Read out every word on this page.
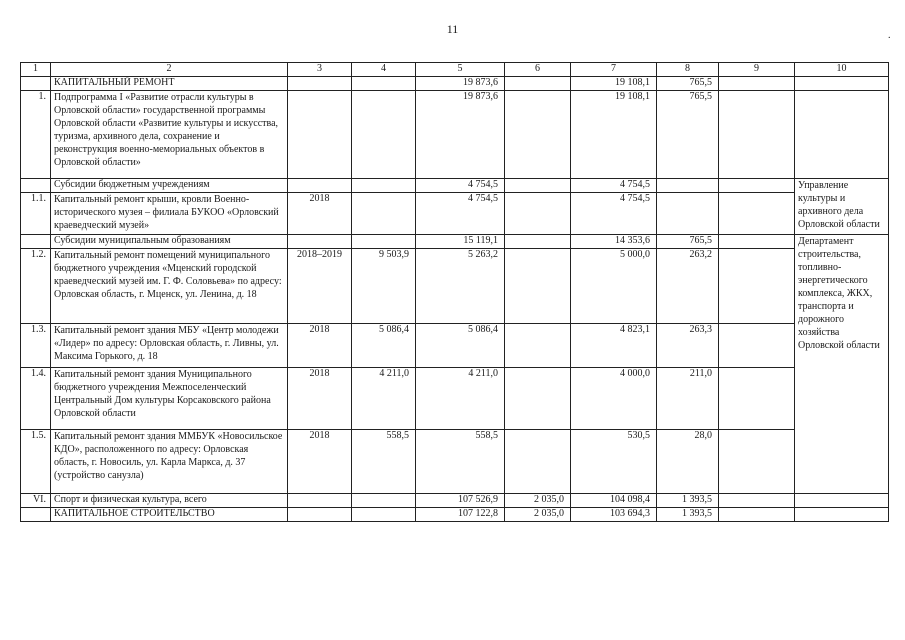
11	.
1	2	3	4	5	6	7	8	9	10
	КАПИТАЛЬНЫЙ РЕМОНТ			19 873,6		19 108,1	765,5		
1.	Подпрограмма I «Развитие отрасли культуры в Орловской области» государственной программы Орловской области «Развитие культуры и искусства, туризма, архивного дела, сохранение и реконструкция военно-мемориальных объектов в Орловской области»			19 873,6		19 108,1	765,5		
	Субсидии бюджетным учреждениям			4 754,5		4 754,5			Управление культуры и архивного дела Орловской области
1.1.	Капитальный ремонт крыши, кровли Военно-исторического музея – филиала БУКОО «Орловский краеведческий музей»	2018		4 754,5		4 754,5			
	Субсидии муниципальным образованиям			15 119,1		14 353,6	765,5		Департамент строительства, топливно-энергетического комплекса, ЖКХ, транспорта и дорожного хозяйства Орловской области
1.2.	Капитальный ремонт помещений муниципального бюджетного учреждения «Мценский городской краеведческий музей им. Г. Ф. Соловьева» по адресу: Орловская область, г. Мценск, ул. Ленина, д. 18	2018–2019	9 503,9	5 263,2		5 000,0	263,2		
1.3.	Капитальный ремонт здания МБУ «Центр молодежи «Лидер» по адресу: Орловская область, г. Ливны, ул. Максима Горького, д. 18	2018	5 086,4	5 086,4		4 823,1	263,3		
1.4.	Капитальный ремонт здания Муниципального бюджетного учреждения Межпоселенческий Центральный Дом культуры Корсаковского района Орловской области	2018	4 211,0	4 211,0		4 000,0	211,0		
1.5.	Капитальный ремонт здания ММБУК «Новосильское КДО», расположенного по адресу: Орловская область, г. Новосиль, ул. Карла Маркса, д. 37 (устройство санузла)	2018	558,5	558,5		530,5	28,0		
VI.	Спорт и физическая культура, всего			107 526,9	2 035,0	104 098,4	1 393,5		
	КАПИТАЛЬНОЕ СТРОИТЕЛЬСТВО			107 122,8	2 035,0	103 694,3	1 393,5		
